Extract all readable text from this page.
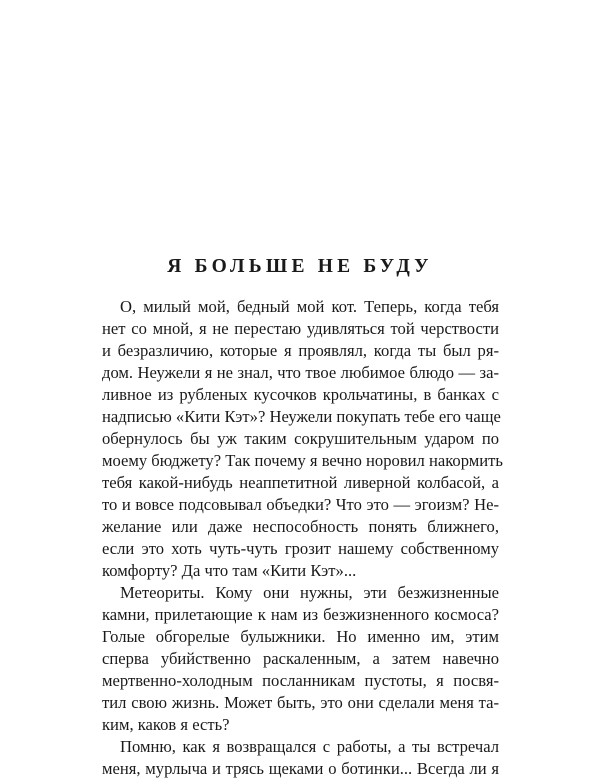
Я БОЛЬШЕ НЕ БУДУ
О, милый мой, бедный мой кот. Теперь, когда тебя
нет со мной, я не перестаю удивляться той черствости
и безразличию, которые я проявлял, когда ты был ря-
дом. Неужели я не знал, что твое любимое блюдо — за-
ливное из рубленых кусочков крольчатины, в банках с
надписью «Кити Кэт»? Неужели покупать тебе его чаще
обернулось бы уж таким сокрушительным ударом по
моему бюджету? Так почему я вечно норовил накормить
тебя какой-нибудь неаппетитной ливерной колбасой, а
то и вовсе подсовывал объедки? Что это — эгоизм? Не-
желание или даже неспособность понять ближнего,
если это хоть чуть-чуть грозит нашему собственному
комфорту? Да что там «Кити Кэт»...
Метеориты. Кому они нужны, эти безжизненные
камни, прилетающие к нам из безжизненного космоса?
Голые обгорелые булыжники. Но именно им, этим
сперва убийственно раскаленным, а затем навечно
мертвенно-холодным посланникам пустоты, я посвя-
тил свою жизнь. Может быть, это они сделали меня та-
ким, каков я есть?
Помню, как я возвращался с работы, а ты встречал
меня, мурлыча и трясь щеками о ботинки... Всегда ли я
